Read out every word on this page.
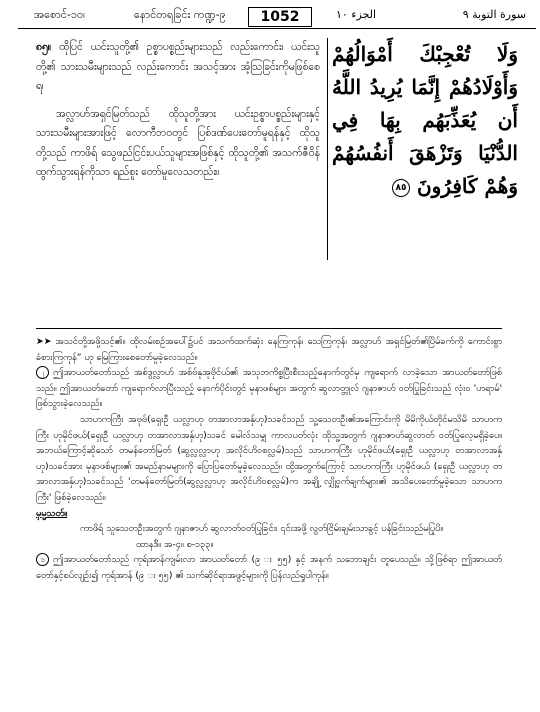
အစောင်-၁၀၊	နောင်တရခြင်း ကဏ္ဍ-၉	1052	الجزء ١٠	سورة التوبة ٩
وَلَا تُعْجِبْكَ أَمْوَالُهُمْ وَأَوْلَادُهُمْ إِنَّمَا يُرِيدُ اللَّهُ أَن يُعَذِّبَهُم بِهَا فِي الدُّنْيَا وَتَزْهَقَ أَنفُسُهُمْ وَهُمْ كَافِرُونَ ٨٥

၈၅။ ထိုပြင် ယင်းသူတို့၏ ဥစ္စာပစ္စည်းများသည် လည်းကောင်း၊ ယင်းသူတို့၏ သားသမီးများသည် လည်းကောင်း အသင့်အား အံ့သြခြင်းကိုမဖြစ်စေရ၊

အလ္လာဟ်အရှင်မြတ်သည် ထိုသူတို့အား ယင်းဥစ္စာပစ္စည်းများနှင့် သားသမီးများအားဖြင့် လောကီဘဝတွင် ပြစ်ဒဏ်ပေးတော်မူရန်နှင့် ထိုသူတို့သည် ကာဖိရ် သွေဖည်ငြင်းပယ်သူများအဖြစ်နှင့် ထိုသူတို့၏ အသက်ဇီဝိန် ထွက်သွားရန်ကိုသာ ရည်စူး တော်မူလေသတည်း။

➤➤ အသင်တို့အဖို့သင့်၏။ ထိုလမ်းစဉ်အပေါ်၌ပင် အသက်ထက်ဆုံး နေကြကုန်၊ သေကြကုန်၊ အလ္လာဟ် အရှင်မြတ်၏ပြိမ်ခက်ကို ကောင်းစွာခံစားကြကုန်” ဟု မြေကြားစေတော်မူခဲ့လေသည်။

၂ ဤအာယတ်တော်သည် အစ်ဒွလ္လာဟ် အစ်ဗ်နုအုဗိုင်ယ်၏ အသုဘကိစ္စပြီးစီးသည့်နောက်တွင်မှ ကျရောက် လာခဲ့သော အာယတ်တော်ဖြစ်သည်။ ဤအာယတ်တော် ကျရောက်လာပြီးသည့် နောက်ပိုင်းတွင် မုနာဖစ်များ အတွက် ဆွလာတ္တုလ် ဂျနာဇာဟ် ဝတ်ပြုခြင်းသည် လုံးဝ 'ဟရာမ်' ဖြစ်သွားခဲ့လေသည်။

သာဟကကြီး အဗုဗ်(ရှေးဦ ယလ္လာဟု တအာလာအနှ်ဟု)သခင်သည် သူ့သေတဦး၏အကြောင်းကို မိမိကိုယ်တိုင်မသိမိ သာဟကကြီး ဟုမိုင်ဖယ်(ရှေးဦ ယလ္လာဟု တအာလာအနှ်ဟု)သခင် မေါလ်သမျှ ကာလပတ်လုံး ထိုသူ့အတွက် ဂျနာဇာဟ်ဆွလာတ် ဝတ်ပြုလေ့မရှိခဲ့ပေ။ အဘယ်ကြောင့်ဆိုသော် တမန်တော်မြတ် (ဆွလ္လလ္လာဟု အလိုင်ဟိဝစလ္လမ်)သည် သာဟကကြီး ဟုမိုင်ဖယ်(ရှေးဦ ယလ္လာဟု တအာလာအနှ်ဟု)သခင်အား မုနာဖစ်များ၏ အမည်နာမများကို ပြောပြတော်မူခဲ့လေသည်။ ထို့အတွက်ကြောင့် သာဟကကြီး ဟုမိုင်ဖယ် (ရှေးဦ ယလ္လာဟု တအာလာအနှ်ဟု)သခင်သည် 'တမန်တော်မြတ်(ဆွလ္လလ္လာဟု အလိုင်ဟိဝစလ္လမ်)က အချို့ လျှို့ဝှက်ချက်များ၏ အသိပေးတော်မူခဲ့သော သာဟကကြီး' ဖြစ်ခဲ့လေသည်။

မှမ္မသတ်။

ကာဖိရ် သူသေတဦးအတွက် ဂျနာဇာဟ် ဆွလာတ်ဝတ်ပြုခြင်း၊ ၎င်းအဖို့ လွတ်ငြိမ်းချမ်းသာခွင့် ပန်ခြင်းသည်မပြုပိ။

ထာနဒ်ိ။ အ-၄။ စ-၁၃၃။

၁ ဤအာယတ်တော်သည် ကုရ်အာန်ကျမ်းလာ အာယတ်တော် (၉ း ၅၅) နှင့် အနက် သဘောချင်း တူပေသည်။ သို့ဖြစ်ရာ ဤအာယတ်တော်နှင့်စပ်လျဉ်း၍ ကုရ်အာန် (၉ း ၅၅) ၏ သက်ဆိုင်ရာအဖွင့်များကို ပြန်လည်ရှုပါကုန်။
